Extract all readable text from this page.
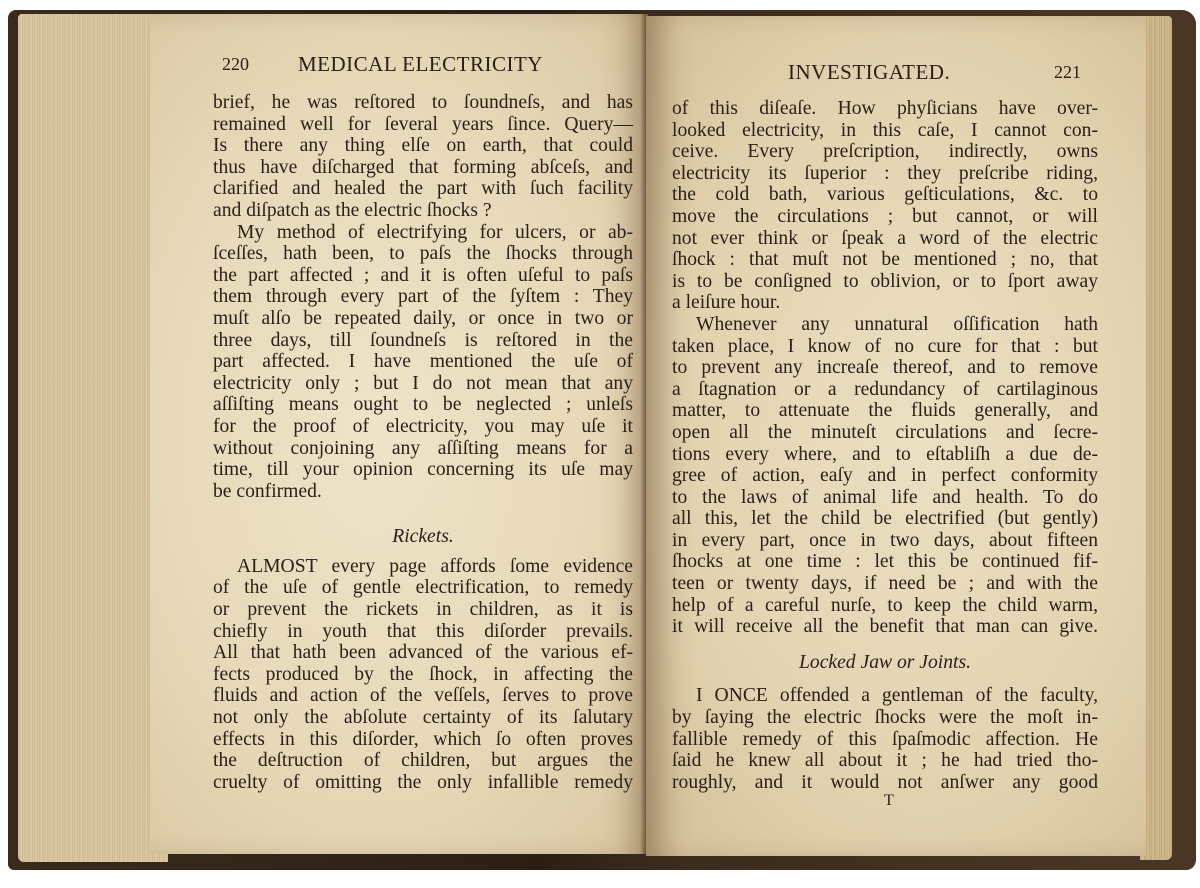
220 MEDICAL ELECTRICITY
brief, he was reſtored to ſoundneſs, and has
remained well for ſeveral years ſince. Query—
Is there any thing elſe on earth, that could
thus have diſcharged that forming abſceſs, and
clarified and healed the part with ſuch facility
and diſpatch as the electric ſhocks ?
My method of electrifying for ulcers, or ab-
ſceſſes, hath been, to paſs the ſhocks through
the part affected ; and it is often uſeful to paſs
them through every part of the ſyſtem : They
muſt alſo be repeated daily, or once in two or
three days, till ſoundneſs is reſtored in the
part affected. I have mentioned the uſe of
electricity only ; but I do not mean that any
aſſiſting means ought to be neglected ; unleſs
for the proof of electricity, you may uſe it
without conjoining any aſſiſting means for a
time, till your opinion concerning its uſe may
be confirmed.
Rickets.
ALMOST every page affords ſome evidence
of the uſe of gentle electrification, to remedy
or prevent the rickets in children, as it is
chiefly in youth that this diſorder prevails.
All that hath been advanced of the various ef-
fects produced by the ſhock, in affecting the
fluids and action of the veſſels, ſerves to prove
not only the abſolute certainty of its ſalutary
effects in this diſorder, which ſo often proves
the deſtruction of children, but argues the
cruelty of omitting the only infallible remedy
INVESTIGATED.	221
of this diſeaſe. How phyſicians have over-
looked electricity, in this caſe, I cannot con-
ceive. Every preſcription, indirectly, owns
electricity its ſuperior : they preſcribe riding,
the cold bath, various geſticulations, &c. to
move the circulations ; but cannot, or will
not ever think or ſpeak a word of the electric
ſhock : that muſt not be mentioned ; no, that
is to be conſigned to oblivion, or to ſport away
a leiſure hour.
Whenever any unnatural oſſification hath
taken place, I know of no cure for that : but
to prevent any increaſe thereof, and to remove
a ſtagnation or a redundancy of cartilaginous
matter, to attenuate the fluids generally, and
open all the minuteſt circulations and ſecre-
tions every where, and to eſtabliſh a due de-
gree of action, eaſy and in perfect conformity
to the laws of animal life and health. To do
all this, let the child be electrified (but gently)
in every part, once in two days, about fifteen
ſhocks at one time : let this be continued fif-
teen or twenty days, if need be ; and with the
help of a careful nurſe, to keep the child warm,
it will receive all the benefit that man can give.
Locked Jaw or Joints.
I ONCE offended a gentleman of the faculty,
by ſaying the electric ſhocks were the moſt in-
fallible remedy of this ſpaſmodic affection. He
ſaid he knew all about it ; he had tried tho-
roughly, and it would not anſwer any good
T
